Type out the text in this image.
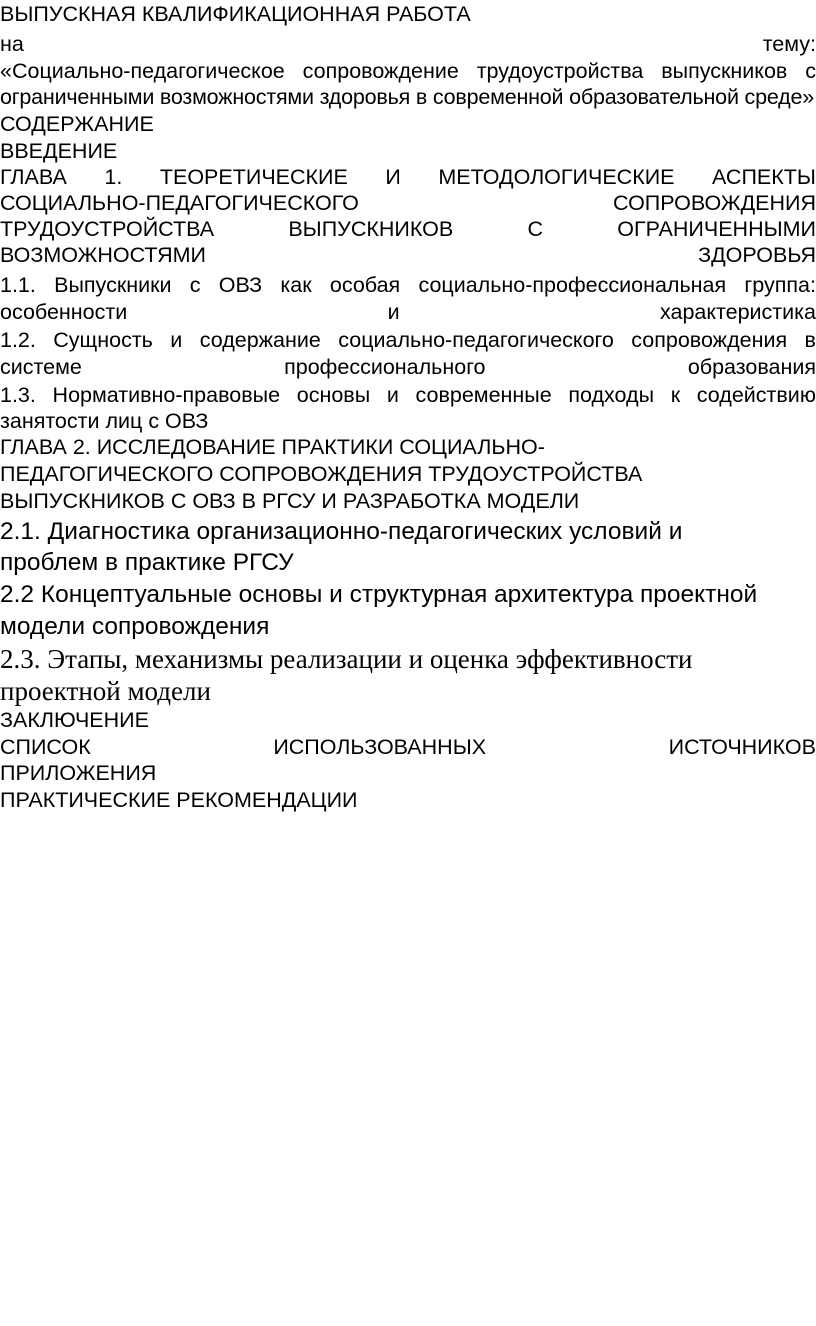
ВЫПУСКНАЯ КВАЛИФИКАЦИОННАЯ РАБОТА
на	тему:
«Социально-педагогическое сопровождение трудоустройства выпускников с
ограниченными возможностями здоровья в современной образовательной среде»
СОДЕРЖАНИЕ
ВВЕДЕНИЕ
ГЛАВА 1. ТЕОРЕТИЧЕСКИЕ И МЕТОДОЛОГИЧЕСКИЕ АСПЕКТЫ
СОЦИАЛЬНО-ПЕДАГОГИЧЕСКОГО	СОПРОВОЖДЕНИЯ
ТРУДОУСТРОЙСТВА	ВЫПУСКНИКОВ	С	ОГРАНИЧЕННЫМИ
ВОЗМОЖНОСТЯМИ	ЗДОРОВЬЯ
1.1. Выпускники с ОВЗ как особая социально-профессиональная группа:
особенности	и	характеристика
1.2. Сущность и содержание социально-педагогического сопровождения в
системе	профессионального	образования
1.3. Нормативно-правовые основы и современные подходы к содействию
занятости лиц с ОВЗ
ГЛАВА 2. ИССЛЕДОВАНИЕ ПРАКТИКИ СОЦИАЛЬНО-
ПЕДАГОГИЧЕСКОГО СОПРОВОЖДЕНИЯ ТРУДОУСТРОЙСТВА
ВЫПУСКНИКОВ С ОВЗ В РГСУ И РАЗРАБОТКА МОДЕЛИ
2.1. Диагностика организационно-педагогических условий и
проблем в практике РГСУ
2.2 Концептуальные основы и структурная архитектура проектной
модели сопровождения
2.3. Этапы, механизмы реализации и оценка эффективности
проектной модели
ЗАКЛЮЧЕНИЕ
СПИСОК	ИСПОЛЬЗОВАННЫХ	ИСТОЧНИКОВ
ПРИЛОЖЕНИЯ
ПРАКТИЧЕСКИЕ РЕКОМЕНДАЦИИ
